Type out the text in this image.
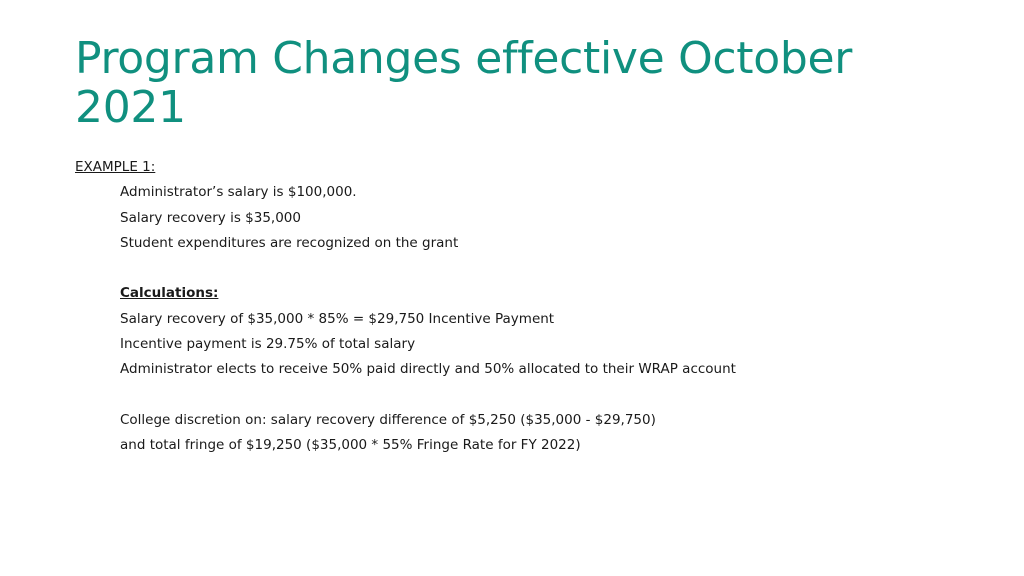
Program Changes effective October 2021
EXAMPLE 1:
Administrator’s salary is $100,000.
Salary recovery is $35,000
Student expenditures are recognized on the grant
Calculations:
Salary recovery of $35,000 * 85% = $29,750 Incentive Payment
Incentive payment is 29.75% of total salary
Administrator elects to receive 50% paid directly and 50% allocated to their WRAP account
College discretion on: salary recovery difference of $5,250 ($35,000 - $29,750)
and total fringe of $19,250 ($35,000 * 55% Fringe Rate for FY 2022)
